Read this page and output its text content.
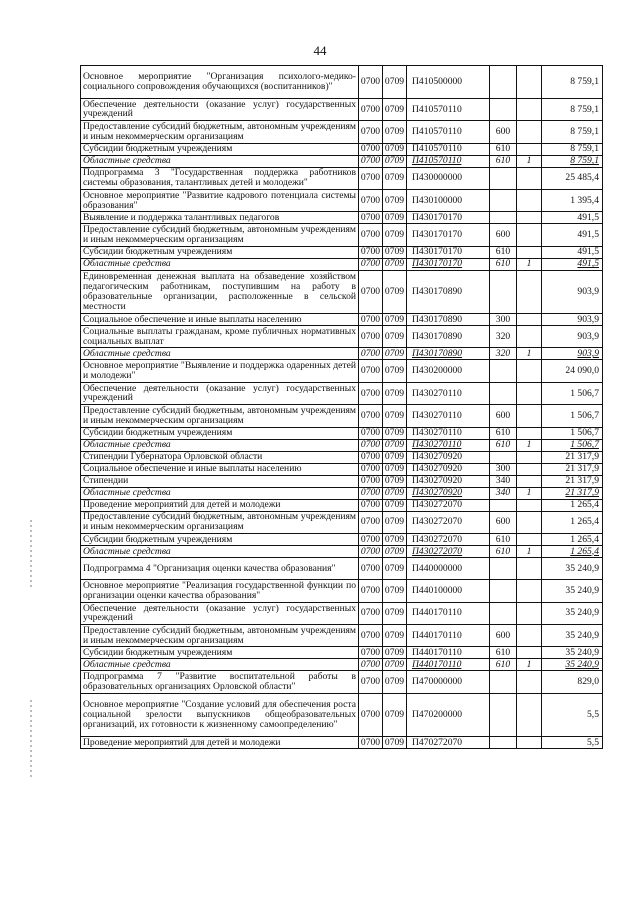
44
Основное мероприятие "Организация психолого-медико-социального сопровождения обучающихся (воспитанников)"	0700	0709	П410500000			8 759,1
Обеспечение деятельности (оказание услуг) государственных учреждений	0700	0709	П410570110			8 759,1
Предоставление субсидий бюджетным, автономным учреждениям и иным некоммерческим организациям	0700	0709	П410570110	600		8 759,1
Субсидии бюджетным учреждениям	0700	0709	П410570110	610		8 759,1
Областные средства	0700	0709	П410570110	610	1	8 759,1
Подпрограмма 3 "Государственная поддержка работников системы образования, талантливых детей и молодежи"	0700	0709	П430000000			25 485,4
Основное мероприятие "Развитие кадрового потенциала системы образования"	0700	0709	П430100000			1 395,4
Выявление и поддержка талантливых педагогов	0700	0709	П430170170			491,5
Предоставление субсидий бюджетным, автономным учреждениям и иным некоммерческим организациям	0700	0709	П430170170	600		491,5
Субсидии бюджетным учреждениям	0700	0709	П430170170	610		491,5
Областные средства	0700	0709	П430170170	610	1	491,5
Единовременная денежная выплата на обзаведение хозяйством педагогическим работникам, поступившим на работу в образовательные организации, расположенные в сельской местности	0700	0709	П430170890			903,9
Социальное обеспечение и иные выплаты населению	0700	0709	П430170890	300		903,9
Социальные выплаты гражданам, кроме публичных нормативных социальных выплат	0700	0709	П430170890	320		903,9
Областные средства	0700	0709	П430170890	320	1	903,9
Основное мероприятие "Выявление и поддержка одаренных детей и молодежи"	0700	0709	П430200000			24 090,0
Обеспечение деятельности (оказание услуг) государственных учреждений	0700	0709	П430270110			1 506,7
Предоставление субсидий бюджетным, автономным учреждениям и иным некоммерческим организациям	0700	0709	П430270110	600		1 506,7
Субсидии бюджетным учреждениям	0700	0709	П430270110	610		1 506,7
Областные средства	0700	0709	П430270110	610	1	1 506,7
Стипендии Губернатора Орловской области	0700	0709	П430270920			21 317,9
Социальное обеспечение и иные выплаты населению	0700	0709	П430270920	300		21 317,9
Стипендии	0700	0709	П430270920	340		21 317,9
Областные средства	0700	0709	П430270920	340	1	21 317,9
Проведение мероприятий для детей и молодежи	0700	0709	П430272070			1 265,4
Предоставление субсидий бюджетным, автономным учреждениям и иным некоммерческим организациям	0700	0709	П430272070	600		1 265,4
Субсидии бюджетным учреждениям	0700	0709	П430272070	610		1 265,4
Областные средства	0700	0709	П430272070	610	1	1 265,4
Подпрограмма 4 "Организация оценки качества образования"	0700	0709	П440000000			35 240,9
Основное мероприятие "Реализация государственной функции по организации оценки качества образования"	0700	0709	П440100000			35 240,9
Обеспечение деятельности (оказание услуг) государственных учреждений	0700	0709	П440170110			35 240,9
Предоставление субсидий бюджетным, автономным учреждениям и иным некоммерческим организациям	0700	0709	П440170110	600		35 240,9
Субсидии бюджетным учреждениям	0700	0709	П440170110	610		35 240,9
Областные средства	0700	0709	П440170110	610	1	35 240,9
Подпрограмма 7 "Развитие воспитательной работы в образовательных организациях Орловской области"	0700	0709	П470000000			829,0
Основное мероприятие "Создание условий для обеспечения роста социальной зрелости выпускников общеобразовательных организаций, их готовности к жизненному самоопределению"	0700	0709	П470200000			5,5
Проведение мероприятий для детей и молодежи	0700	0709	П470272070			5,5
